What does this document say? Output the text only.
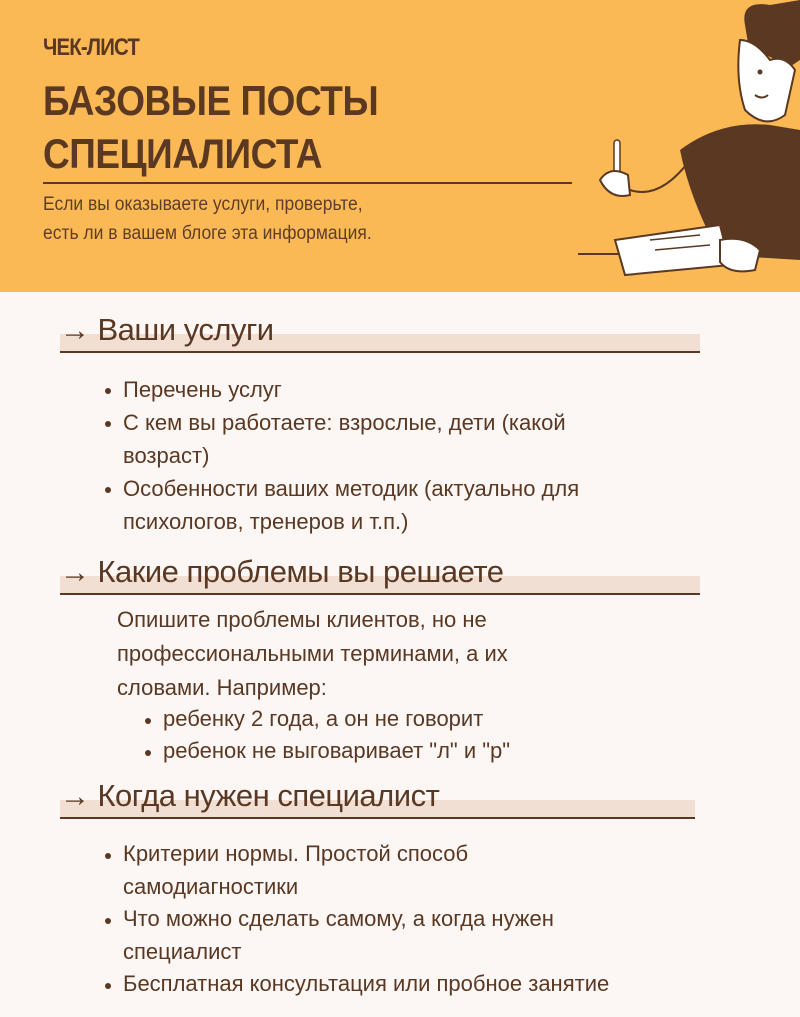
ЧЕК-ЛИСТ
БАЗОВЫЕ ПОСТЫ
СПЕЦИАЛИСТА
Если вы оказываете услуги, проверьте,
есть ли в вашем блоге эта информация.
→ Ваши услуги
Перечень услуг
С кем вы работаете: взрослые, дети (какой возраст)
Особенности ваших методик (актуально для психологов, тренеров и т.п.)
→ Какие проблемы вы решаете
Опишите проблемы клиентов, но не
профессиональными терминами, а их
словами. Например:
ребенку 2 года, а он не говорит
ребенок не выговаривает "л" и "р"
→ Когда нужен специалист
Критерии нормы. Простой способ самодиагностики
Что можно сделать самому, а когда нужен специалист
Бесплатная консультация или пробное занятие
